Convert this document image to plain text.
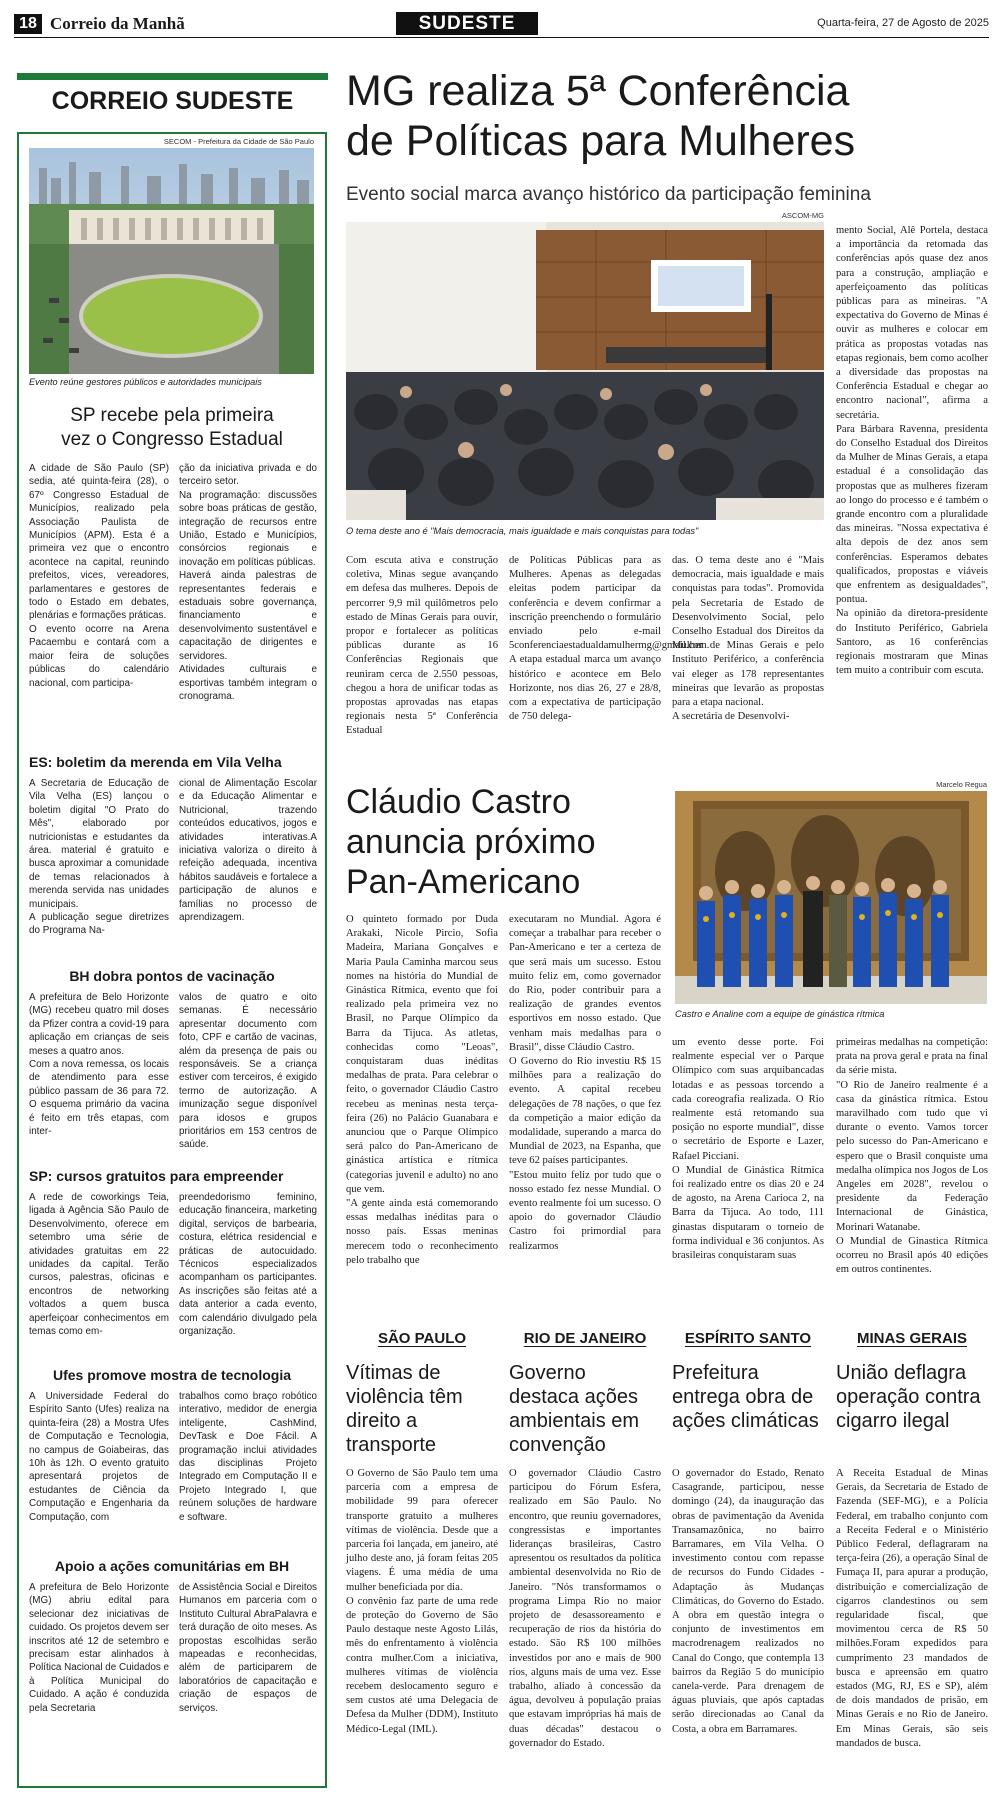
18 Correio da Manhã	SUDESTE	Quarta-feira, 27 de Agosto de 2025
CORREIO SUDESTE
SECOM - Prefeitura da Cidade de São Paulo
Evento reúne gestores públicos e autoridades municipais
SP recebe pela primeira
vez o Congresso Estadual
A cidade de São Paulo (SP) sedia, até quinta-feira (28), o 67º Congresso Estadual de Municípios, realizado pela Associação Paulista de Municípios (APM). Esta é a primeira vez que o encontro acontece na capital, reunindo prefeitos, vices, vereadores, parlamentares e gestores de todo o Estado em debates, plenárias e formações práticas.
O evento ocorre na Arena Pacaembu e contará com a maior feira de soluções públicas do calendário nacional, com participa-
ção da iniciativa privada e do terceiro setor.
Na programação: discussões sobre boas práticas de gestão, integração de recursos entre União, Estado e Municípios, consórcios regionais e inovação em políticas públicas.
Haverá ainda palestras de representantes federais e estaduais sobre governança, financiamento e desenvolvimento sustentável e capacitação de dirigentes e servidores.
Atividades culturais e esportivas também integram o cronograma.
ES: boletim da merenda em Vila Velha
A Secretaria de Educação de Vila Velha (ES) lançou o boletim digital "O Prato do Mês", elaborado por nutricionistas e estudantes da área. material é gratuito e busca aproximar a comunidade de temas relacionados à merenda servida nas unidades municipais.
A publicação segue diretrizes do Programa Na-
cional de Alimentação Escolar e da Educação Alimentar e Nutricional, trazendo conteúdos educativos, jogos e atividades interativas.A iniciativa valoriza o direito à refeição adequada, incentiva hábitos saudáveis e fortalece a participação de alunos e famílias no processo de aprendizagem.
BH dobra pontos de vacinação
A prefeitura de Belo Horizonte (MG) recebeu quatro mil doses da Pfizer contra a covid-19 para aplicação em crianças de seis meses a quatro anos.
Com a nova remessa, os locais de atendimento para esse público passam de 36 para 72. O esquema primário da vacina é feito em três etapas, com inter-
valos de quatro e oito semanas. É necessário apresentar documento com foto, CPF e cartão de vacinas, além da presença de pais ou responsáveis. Se a criança estiver com terceiros, é exigido termo de autorização. A imunização segue disponível para idosos e grupos prioritários em 153 centros de saúde.
SP: cursos gratuitos para empreender
A rede de coworkings Teia, ligada à Agência São Paulo de Desenvolvimento, oferece em setembro uma série de atividades gratuitas em 22 unidades da capital. Terão cursos, palestras, oficinas e encontros de networking voltados a quem busca aperfeiçoar conhecimentos em temas como em-
preendedorismo feminino, educação financeira, marketing digital, serviços de barbearia, costura, elétrica residencial e práticas de autocuidado. Técnicos especializados acompanham os participantes. As inscrições são feitas até a data anterior a cada evento, com calendário divulgado pela organização.
Ufes promove mostra de tecnologia
A Universidade Federal do Espírito Santo (Ufes) realiza na quinta-feira (28) a Mostra Ufes de Computação e Tecnologia, no campus de Goiabeiras, das 10h às 12h. O evento gratuito apresentará projetos de estudantes de Ciência da Computação e Engenharia da Computação, com
trabalhos como braço robótico interativo, medidor de energia inteligente, CashMind, DevTask e Doe Fácil. A programação inclui atividades das disciplinas Projeto Integrado em Computação II e Projeto Integrado I, que reúnem soluções de hardware e software.
Apoio a ações comunitárias em BH
A prefeitura de Belo Horizonte (MG) abriu edital para selecionar dez iniciativas de cuidado. Os projetos devem ser inscritos até 12 de setembro e precisam estar alinhados à Política Nacional de Cuidados e à Política Municipal do Cuidado. A ação é conduzida pela Secretaria
de Assistência Social e Direitos Humanos em parceria com o Instituto Cultural AbraPalavra e terá duração de oito meses. As propostas escolhidas serão mapeadas e reconhecidas, além de participarem de laboratórios de capacitação e criação de espaços de serviços.
MG realiza 5ª Conferência
de Políticas para Mulheres
Evento social marca avanço histórico da participação feminina
ASCOM-MG
O tema deste ano é "Mais democracia, mais igualdade e mais conquistas para todas"
Com escuta ativa e construção coletiva, Minas segue avançando em defesa das mulheres. Depois de percorrer 9,9 mil quilômetros pelo estado de Minas Gerais para ouvir, propor e fortalecer as políticas públicas durante as 16 Conferências Regionais que reuniram cerca de 2.550 pessoas, chegou a hora de unificar todas as propostas aprovadas nas etapas regionais nesta 5ª Conferência Estadual
de Políticas Públicas para as Mulheres. Apenas as delegadas eleitas podem participar da conferência e devem confirmar a inscrição preenchendo o formulário enviado pelo e-mail 5conferenciaestadualdamulhermg@gmail.com.
A etapa estadual marca um avanço histórico e acontece em Belo Horizonte, nos dias 26, 27 e 28/8, com a expectativa de participação de 750 delega-
das. O tema deste ano é "Mais democracia, mais igualdade e mais conquistas para todas". Promovida pela Secretaria de Estado de Desenvolvimento Social, pelo Conselho Estadual dos Direitos da Mulher de Minas Gerais e pelo Instituto Periférico, a conferência vai eleger as 178 representantes mineiras que levarão as propostas para a etapa nacional.
A secretária de Desenvolvi-
mento Social, Alê Portela, destaca a importância da retomada das conferências após quase dez anos para a construção, ampliação e aperfeiçoamento das políticas públicas para as mineiras. "A expectativa do Governo de Minas é ouvir as mulheres e colocar em prática as propostas votadas nas etapas regionais, bem como acolher a diversidade das propostas na Conferência Estadual e chegar ao encontro nacional", afirma a secretária.
Para Bárbara Ravenna, presidenta do Conselho Estadual dos Direitos da Mulher de Minas Gerais, a etapa estadual é a consolidação das propostas que as mulheres fizeram ao longo do processo e é também o grande encontro com a pluralidade das mineiras. "Nossa expectativa é alta depois de dez anos sem conferências. Esperamos debates qualificados, propostas e viáveis que enfrentem as desigualdades", pontua.
Na opinião da diretora-presidente do Instituto Periférico, Gabriela Santoro, as 16 conferências regionais mostraram que Minas tem muito a contribuir com escuta.
Cláudio Castro
anuncia próximo
Pan-Americano
Marcelo Regua
Castro e Analine com a equipe de ginástica rítmica
O quinteto formado por Duda Arakaki, Nicole Pircio, Sofia Madeira, Mariana Gonçalves e Maria Paula Caminha marcou seus nomes na história do Mundial de Ginástica Rítmica, evento que foi realizado pela primeira vez no Brasil, no Parque Olímpico da Barra da Tijuca. As atletas, conhecidas como "Leoas", conquistaram duas inéditas medalhas de prata. Para celebrar o feito, o governador Cláudio Castro recebeu as meninas nesta terça-feira (26) no Palácio Guanabara e anunciou que o Parque Olímpico será palco do Pan-Americano de ginástica artística e rítmica (categorias juvenil e adulto) no ano que vem.
"A gente ainda está comemorando essas medalhas inéditas para o nosso país. Essas meninas merecem todo o reconhecimento pelo trabalho que
executaram no Mundial. Agora é começar a trabalhar para receber o Pan-Americano e ter a certeza de que será mais um sucesso. Estou muito feliz em, como governador do Rio, poder contribuir para a realização de grandes eventos esportivos em nosso estado. Que venham mais medalhas para o Brasil", disse Cláudio Castro.
O Governo do Rio investiu R$ 15 milhões para a realização do evento. A capital recebeu delegações de 78 nações, o que fez da competição a maior edição da modalidade, superando a marca do Mundial de 2023, na Espanha, que teve 62 países participantes.
"Estou muito feliz por tudo que o nosso estado fez nesse Mundial. O evento realmente foi um sucesso. O apoio do governador Cláudio Castro foi primordial para realizarmos
um evento desse porte. Foi realmente especial ver o Parque Olímpico com suas arquibancadas lotadas e as pessoas torcendo a cada coreografia realizada. O Rio realmente está retomando sua posição no esporte mundial", disse o secretário de Esporte e Lazer, Rafael Picciani.
O Mundial de Ginástica Rítmica foi realizado entre os dias 20 e 24 de agosto, na Arena Carioca 2, na Barra da Tijuca. Ao todo, 111 ginastas disputaram o torneio de forma individual e 36 conjuntos. As brasileiras conquistaram suas
primeiras medalhas na competição: prata na prova geral e prata na final da série mista.
"O Rio de Janeiro realmente é a casa da ginástica rítmica. Estou maravilhado com tudo que vi durante o evento. Vamos torcer pelo sucesso do Pan-Americano e espero que o Brasil conquiste uma medalha olímpica nos Jogos de Los Angeles em 2028", revelou o presidente da Federação Internacional de Ginástica, Morinari Watanabe.
O Mundial de Ginastica Rítmica ocorreu no Brasil após 40 edições em outros continentes.
SÃO PAULO
Vítimas de violência têm direito a transporte
O Governo de São Paulo tem uma parceria com a empresa de mobilidade 99 para oferecer transporte gratuito a mulheres vítimas de violência. Desde que a parceria foi lançada, em janeiro, até julho deste ano, já foram feitas 205 viagens. É uma média de uma mulher beneficiada por dia.
O convênio faz parte de uma rede de proteção do Governo de São Paulo destaque neste Agosto Lilás, mês do enfrentamento à violência contra mulher.Com a iniciativa, mulheres vítimas de violência recebem deslocamento seguro e sem custos até uma Delegacia de Defesa da Mulher (DDM), Instituto Médico-Legal (IML).
RIO DE JANEIRO
Governo destaca ações ambientais em convenção
O governador Cláudio Castro participou do Fórum Esfera, realizado em São Paulo. No encontro, que reuniu governadores, congressistas e importantes lideranças brasileiras, Castro apresentou os resultados da política ambiental desenvolvida no Rio de Janeiro. "Nós transformamos o programa Limpa Rio no maior projeto de desassoreamento e recuperação de rios da história do estado. São R$ 100 milhões investidos por ano e mais de 900 rios, alguns mais de uma vez. Esse trabalho, aliado à concessão da água, devolveu à população praias que estavam impróprias há mais de duas décadas" destacou o governador do Estado.
ESPÍRITO SANTO
Prefeitura entrega obra de ações climáticas
O governador do Estado, Renato Casagrande, participou, nesse domingo (24), da inauguração das obras de pavimentação da Avenida Transamazônica, no bairro Barramares, em Vila Velha. O investimento contou com repasse de recursos do Fundo Cidades - Adaptação às Mudanças Climáticas, do Governo do Estado. A obra em questão integra o conjunto de investimentos em macrodrenagem realizados no Canal do Congo, que contempla 13 bairros da Região 5 do município canela-verde. Para drenagem de águas pluviais, que após captadas serão direcionadas ao Canal da Costa, a obra em Barramares.
MINAS GERAIS
União deflagra operação contra cigarro ilegal
A Receita Estadual de Minas Gerais, da Secretaria de Estado de Fazenda (SEF-MG), e a Polícia Federal, em trabalho conjunto com a Receita Federal e o Ministério Público Federal, deflagraram na terça-feira (26), a operação Sinal de Fumaça II, para apurar a produção, distribuição e comercialização de cigarros clandestinos ou sem regularidade fiscal, que movimentou cerca de R$ 50 milhões.Foram expedidos para cumprimento 23 mandados de busca e apreensão em quatro estados (MG, RJ, ES e SP), além de dois mandados de prisão, em Minas Gerais e no Rio de Janeiro. Em Minas Gerais, são seis mandados de busca.
